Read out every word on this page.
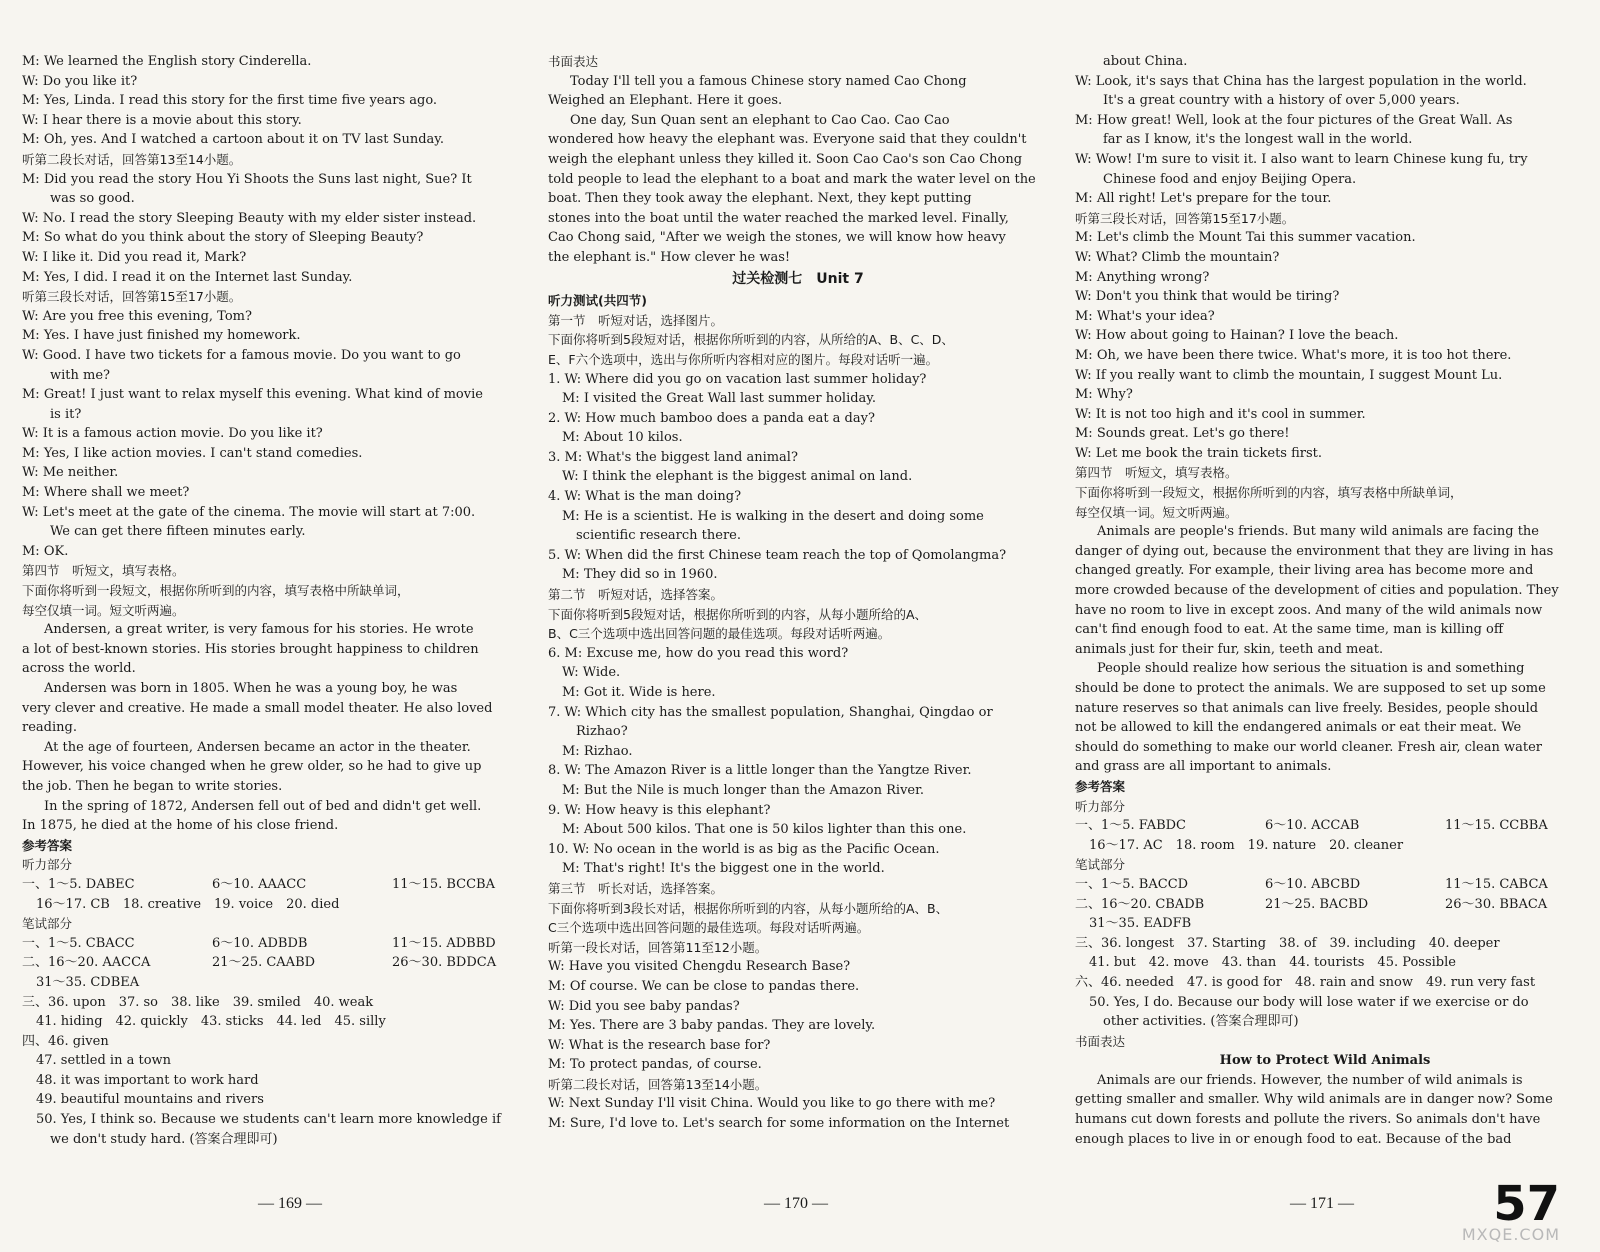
M: We learned the English story Cinderella.
W: Do you like it?
M: Yes, Linda. I read this story for the first time five years ago.
W: I hear there is a movie about this story.
M: Oh, yes. And I watched a cartoon about it on TV last Sunday.
听第二段长对话，回答第13至14小题。
M: Did you read the story Hou Yi Shoots the Suns last night, Sue? It
was so good.
W: No. I read the story Sleeping Beauty with my elder sister instead.
M: So what do you think about the story of Sleeping Beauty?
W: I like it. Did you read it, Mark?
M: Yes, I did. I read it on the Internet last Sunday.
听第三段长对话，回答第15至17小题。
W: Are you free this evening, Tom?
M: Yes. I have just finished my homework.
W: Good. I have two tickets for a famous movie. Do you want to go
with me?
M: Great! I just want to relax myself this evening. What kind of movie
is it?
W: It is a famous action movie. Do you like it?
M: Yes, I like action movies. I can't stand comedies.
W: Me neither.
M: Where shall we meet?
W: Let's meet at the gate of the cinema. The movie will start at 7:00.
We can get there fifteen minutes early.
M: OK.
第四节　听短文，填写表格。
下面你将听到一段短文，根据你所听到的内容，填写表格中所缺单词，
每空仅填一词。短文听两遍。
Andersen, a great writer, is very famous for his stories. He wrote
a lot of best-known stories. His stories brought happiness to children
across the world.
Andersen was born in 1805. When he was a young boy, he was
very clever and creative. He made a small model theater. He also loved
reading.
At the age of fourteen, Andersen became an actor in the theater.
However, his voice changed when he grew older, so he had to give up
the job. Then he began to write stories.
In the spring of 1872, Andersen fell out of bed and didn't get well.
In 1875, he died at the home of his close friend.
参考答案
听力部分
一、1～5. DABEC	6～10. AAACC	11～15. BCCBA
16～17. CB　18. creative　19. voice　20. died
笔试部分
一、1～5. CBACC	6～10. ADBDB	11～15. ADBBD
二、16～20. AACCA	21～25. CAABD	26～30. BDDCA
31～35. CDBEA
三、36. upon　37. so　38. like　39. smiled　40. weak
41. hiding　42. quickly　43. sticks　44. led　45. silly
四、46. given
47. settled in a town
48. it was important to work hard
49. beautiful mountains and rivers
50. Yes, I think so. Because we students can't learn more knowledge if
we don't study hard. (答案合理即可)
书面表达
Today I'll tell you a famous Chinese story named Cao Chong
Weighed an Elephant. Here it goes.
One day, Sun Quan sent an elephant to Cao Cao. Cao Cao
wondered how heavy the elephant was. Everyone said that they couldn't
weigh the elephant unless they killed it. Soon Cao Cao's son Cao Chong
told people to lead the elephant to a boat and mark the water level on the
boat. Then they took away the elephant. Next, they kept putting
stones into the boat until the water reached the marked level. Finally,
Cao Chong said, "After we weigh the stones, we will know how heavy
the elephant is." How clever he was!
过关检测七　Unit 7
听力测试(共四节)
第一节　听短对话，选择图片。
下面你将听到5段短对话，根据你所听到的内容，从所给的A、B、C、D、
E、F六个选项中，选出与你所听内容相对应的图片。每段对话听一遍。
1. W: Where did you go on vacation last summer holiday?
M: I visited the Great Wall last summer holiday.
2. W: How much bamboo does a panda eat a day?
M: About 10 kilos.
3. M: What's the biggest land animal?
W: I think the elephant is the biggest animal on land.
4. W: What is the man doing?
M: He is a scientist. He is walking in the desert and doing some
scientific research there.
5. W: When did the first Chinese team reach the top of Qomolangma?
M: They did so in 1960.
第二节　听短对话，选择答案。
下面你将听到5段短对话，根据你所听到的内容，从每小题所给的A、
B、C三个选项中选出回答问题的最佳选项。每段对话听两遍。
6. M: Excuse me, how do you read this word?
W: Wide.
M: Got it. Wide is here.
7. W: Which city has the smallest population, Shanghai, Qingdao or
Rizhao?
M: Rizhao.
8. W: The Amazon River is a little longer than the Yangtze River.
M: But the Nile is much longer than the Amazon River.
9. W: How heavy is this elephant?
M: About 500 kilos. That one is 50 kilos lighter than this one.
10. W: No ocean in the world is as big as the Pacific Ocean.
M: That's right! It's the biggest one in the world.
第三节　听长对话，选择答案。
下面你将听到3段长对话，根据你所听到的内容，从每小题所给的A、B、
C三个选项中选出回答问题的最佳选项。每段对话听两遍。
听第一段长对话，回答第11至12小题。
W: Have you visited Chengdu Research Base?
M: Of course. We can be close to pandas there.
W: Did you see baby pandas?
M: Yes. There are 3 baby pandas. They are lovely.
W: What is the research base for?
M: To protect pandas, of course.
听第二段长对话，回答第13至14小题。
W: Next Sunday I'll visit China. Would you like to go there with me?
M: Sure, I'd love to. Let's search for some information on the Internet
about China.
W: Look, it's says that China has the largest population in the world.
It's a great country with a history of over 5,000 years.
M: How great! Well, look at the four pictures of the Great Wall. As
far as I know, it's the longest wall in the world.
W: Wow! I'm sure to visit it. I also want to learn Chinese kung fu, try
Chinese food and enjoy Beijing Opera.
M: All right! Let's prepare for the tour.
听第三段长对话，回答第15至17小题。
M: Let's climb the Mount Tai this summer vacation.
W: What? Climb the mountain?
M: Anything wrong?
W: Don't you think that would be tiring?
M: What's your idea?
W: How about going to Hainan? I love the beach.
M: Oh, we have been there twice. What's more, it is too hot there.
W: If you really want to climb the mountain, I suggest Mount Lu.
M: Why?
W: It is not too high and it's cool in summer.
M: Sounds great. Let's go there!
W: Let me book the train tickets first.
第四节　听短文，填写表格。
下面你将听到一段短文，根据你所听到的内容，填写表格中所缺单词，
每空仅填一词。短文听两遍。
Animals are people's friends. But many wild animals are facing the
danger of dying out, because the environment that they are living in has
changed greatly. For example, their living area has become more and
more crowded because of the development of cities and population. They
have no room to live in except zoos. And many of the wild animals now
can't find enough food to eat. At the same time, man is killing off
animals just for their fur, skin, teeth and meat.
People should realize how serious the situation is and something
should be done to protect the animals. We are supposed to set up some
nature reserves so that animals can live freely. Besides, people should
not be allowed to kill the endangered animals or eat their meat. We
should do something to make our world cleaner. Fresh air, clean water
and grass are all important to animals.
参考答案
听力部分
一、1～5. FABDC	6～10. ACCAB	11～15. CCBBA
16～17. AC　18. room　19. nature　20. cleaner
笔试部分
一、1～5. BACCD	6～10. ABCBD	11～15. CABCA
二、16～20. CBADB	21～25. BACBD	26～30. BBACA
31～35. EADFB
三、36. longest　37. Starting　38. of　39. including　40. deeper
41. but　42. move　43. than　44. tourists　45. Possible
六、46. needed　47. is good for　48. rain and snow　49. run very fast
50. Yes, I do. Because our body will lose water if we exercise or do
other activities. (答案合理即可)
书面表达
How to Protect Wild Animals
Animals are our friends. However, the number of wild animals is
getting smaller and smaller. Why wild animals are in danger now? Some
humans cut down forests and pollute the rivers. So animals don't have
enough places to live in or enough food to eat. Because of the bad
— 169 —	— 170 —	— 171 —	57
MXQE.COM
